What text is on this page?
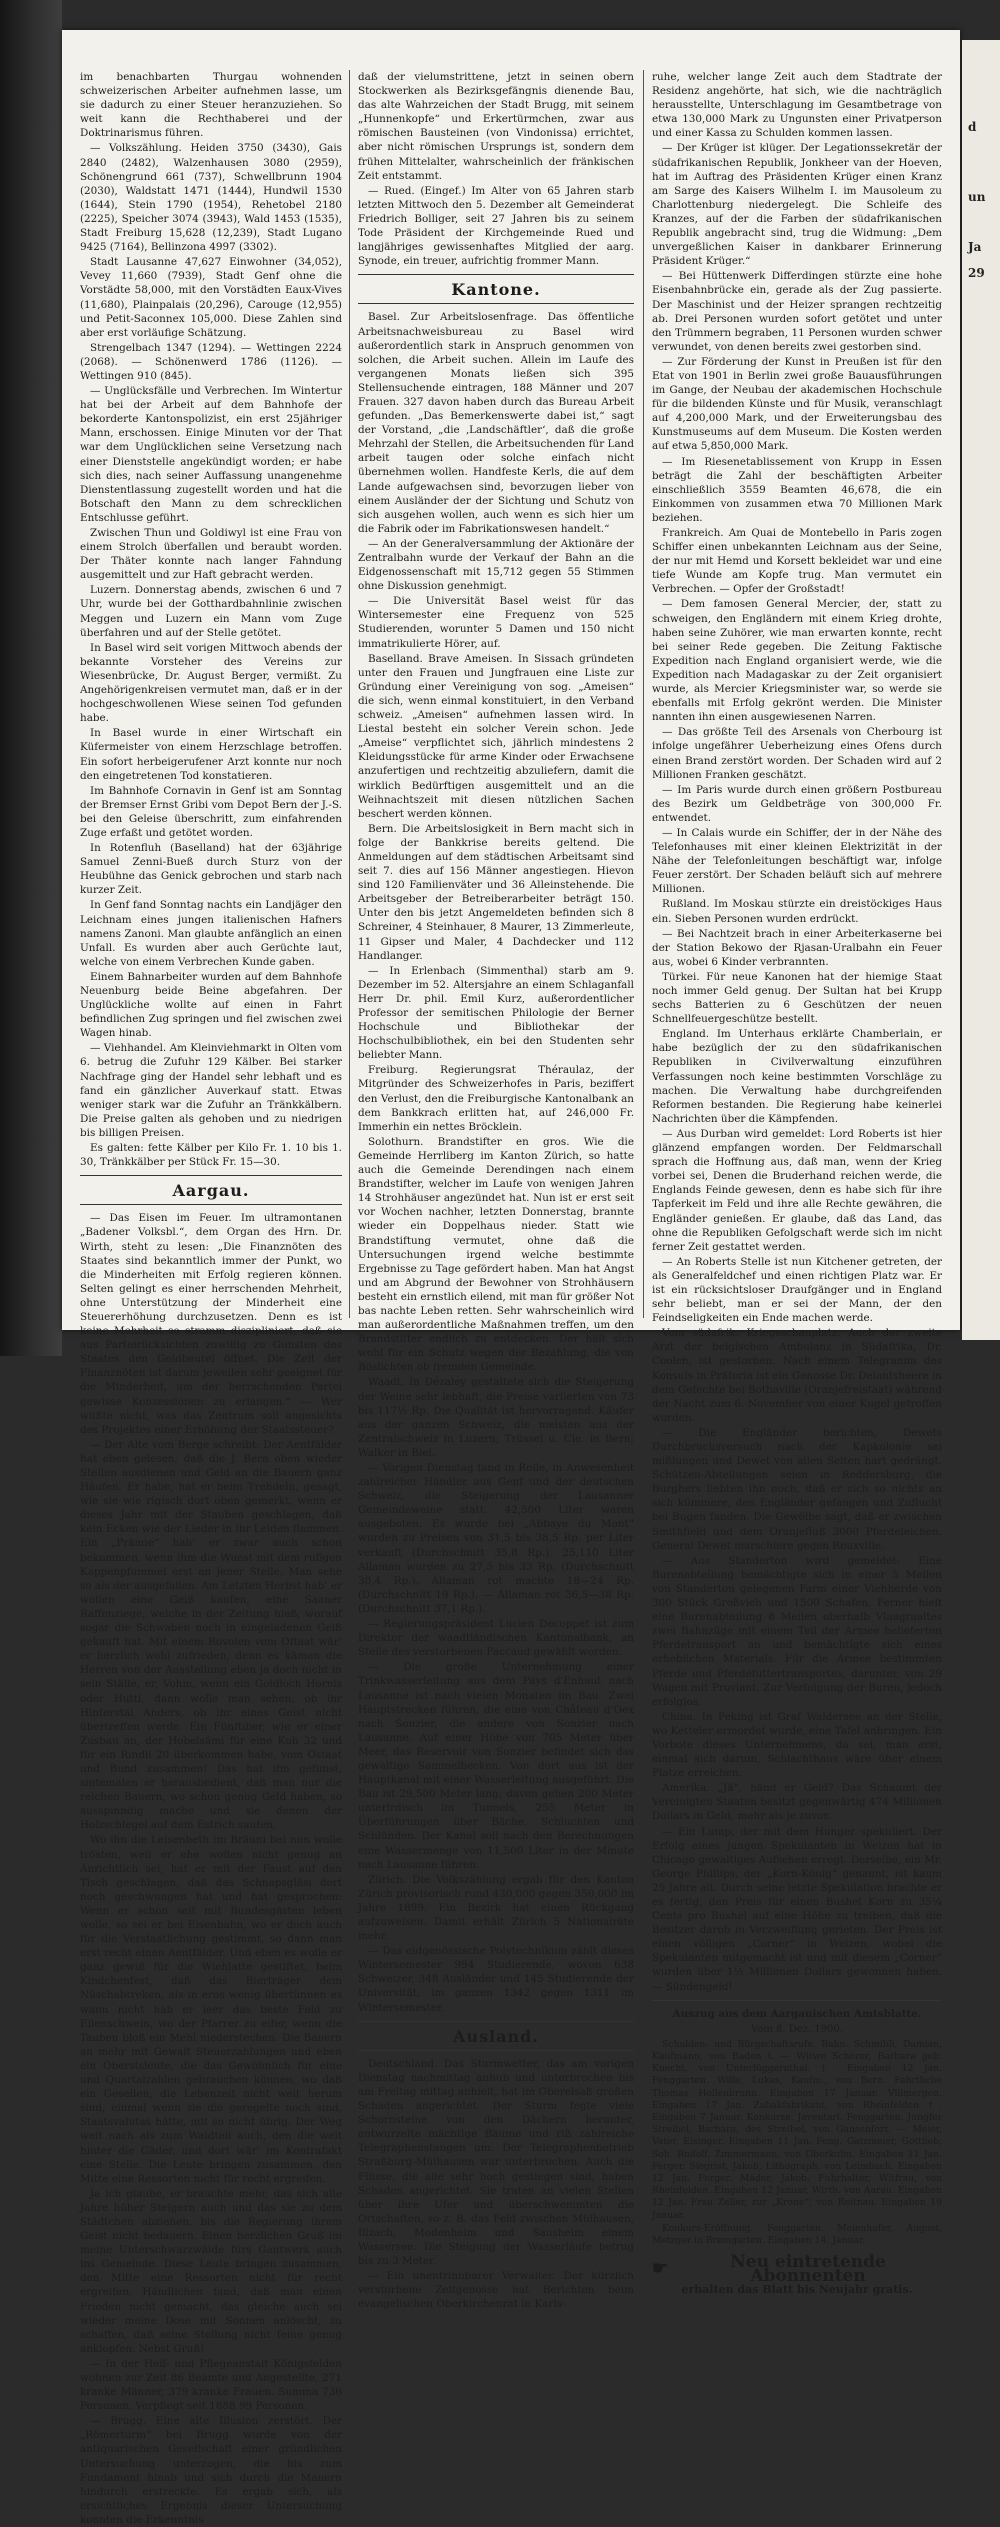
im benachbarten Thurgau wohnenden schweizerischen Arbeiter aufnehmen lasse, um sie dadurch zu einer Steuer heranzuziehen. So weit kann die Rechthaberei und der Doktrinarismus führen.

— Volkszählung. Heiden 3750 (3430), Gais 2840 (2482), Walzenhausen 3080 (2959), Schönengrund 661 (737), Schwellbrunn 1904 (2030), Waldstatt 1471 (1444), Hundwil 1530 (1644), Stein 1790 (1954), Rehetobel 2180 (2225), Speicher 3074 (3943), Wald 1453 (1535), Stadt Freiburg 15,628 (12,239), Stadt Lugano 9425 (7164), Bellinzona 4997 (3302).

Stadt Lausanne 47,627 Einwohner (34,052), Vevey 11,660 (7939), Stadt Genf ohne die Vorstädte 58,000, mit den Vorstädten Eaux-Vives (11,680), Plainpalais (20,296), Carouge (12,955) und Petit-Saconnex 105,000. Diese Zahlen sind aber erst vorläufige Schätzung.

Strengelbach 1347 (1294). — Wettingen 2224 (2068). — Schönenwerd 1786 (1126). — Wettingen 910 (845).

— Unglücksfälle und Verbrechen. Im Wintertur hat bei der Arbeit auf dem Bahnhofe der bekorderte Kantonspolizist, ein erst 25jähriger Mann, erschossen. Einige Minuten vor der That war dem Unglücklichen seine Versetzung nach einer Dienststelle angekündigt worden; er habe sich dies, nach seiner Auffassung unangenehme Dienstentlassung zugestellt worden und hat die Botschaft den Mann zu dem schrecklichen Entschlusse geführt.

Zwischen Thun und Goldiwyl ist eine Frau von einem Strolch überfallen und beraubt worden. Der Thäter konnte nach langer Fahndung ausgemittelt und zur Haft gebracht werden.

Luzern. Donnerstag abends, zwischen 6 und 7 Uhr, wurde bei der Gotthardbahnlinie zwischen Meggen und Luzern ein Mann vom Zuge überfahren und auf der Stelle getötet.

In Basel wird seit vorigen Mittwoch abends der bekannte Vorsteher des Vereins zur Wiesenbrücke, Dr. August Berger, vermißt. Zu Angehörigenkreisen vermutet man, daß er in der hochgeschwollenen Wiese seinen Tod gefunden habe.

In Basel wurde in einer Wirtschaft ein Küfermeister von einem Herzschlage betroffen. Ein sofort herbeigerufener Arzt konnte nur noch den eingetretenen Tod konstatieren.

Im Bahnhofe Cornavin in Genf ist am Sonntag der Bremser Ernst Gribi vom Depot Bern der J.-S. bei den Geleise überschritt, zum einfahrenden Zuge erfaßt und getötet worden.

In Rotenfluh (Baselland) hat der 63jährige Samuel Zenni-Bueß durch Sturz von der Heubühne das Genick gebrochen und starb nach kurzer Zeit.

In Genf fand Sonntag nachts ein Landjäger den Leichnam eines jungen italienischen Hafners namens Zanoni. Man glaubte anfänglich an einen Unfall. Es wurden aber auch Gerüchte laut, welche von einem Verbrechen Kunde gaben.

Einem Bahnarbeiter wurden auf dem Bahnhofe Neuenburg beide Beine abgefahren. Der Unglückliche wollte auf einen in Fahrt befindlichen Zug springen und fiel zwischen zwei Wagen hinab.

— Viehhandel. Am Kleinviehmarkt in Olten vom 6. betrug die Zufuhr 129 Kälber. Bei starker Nachfrage ging der Handel sehr lebhaft und es fand ein gänzlicher Auverkauf statt. Etwas weniger stark war die Zufuhr an Tränkkälbern. Die Preise galten als gehoben und zu niedrigen bis billigen Preisen.

Es galten: fette Kälber per Kilo Fr. 1. 10 bis 1. 30, Tränkkälber per Stück Fr. 15—30.

Aargau.

— Das Eisen im Feuer. Im ultramontanen „Badener Volksbl.“, dem Organ des Hrn. Dr. Wirth, steht zu lesen: „Die Finanznöten des Staates sind bekanntlich immer der Punkt, wo die Minderheiten mit Erfolg regieren können. Selten gelingt es einer herrschenden Mehrheit, ohne Unterstützung der Minderheit eine Steuererhöhung durchzusetzen. Denn es ist keine Mehrheit so stramm diszipliniert, daß sie aus Parteirücksichten zuwillig zu Gunsten des Staates den Geldbeutel öffnet. Die Zeit der Finanznöten ist darum jeweilen sehr geeignet für die Minderheit, um der herrschenden Partei gewisse Konzessionen zu erlangen.“ — Wer wüßte nicht, was das Zentrum soll angesichts des Projektes einer Erhöhung der Staatssteuer?

— Der Alte vom Berge schreibt: Der Aentfälder hat eben gelesen, daß die J. Bern oben wieder Stellen ausdienen und Geld an die Bauern ganz Häufen. Er habe, hat er beim Trehdeln, gesagt, wie sie wie rigisch dort oben gemerkt, wenn er dieses Jahr mit der Stauben geschlagen, daß kein Ecken wie der Lieder in ihr Leiden flammen. Ein „Prämie“ hab’ er zwar auch schon bekommen, wenn ihm die Wuest mit dem rufigen Kappenpfummel erst an jener Stelle. Man sehe so als der ausgefallen. Am Letzten Herbst hab’ er wollen eine Geiß kaufen, eine Saaner Raffenziege, welche in der Zeitung hieß, worauf sogar die Schwaben noch in eingeladenen Geiß gekauft hat. Mit einem Rovolen vom Oftaat wär’ er herzlich wohl zufrieden, denn es kämen die Herren von der Ausstellung eben ja doch nicht in sein Ställe, er, Vohm, wenn ein Goldloch Hornis oder Hutti, dann wolle man sehen, ob ihr Hinterstal Anders, ob ihr eines Geist nicht übertreffen werde. Ein Fünftiber, wie er einer Zusbau an, der Hobelsämi für eine Kuh 32 und für ein Rindli 20 überkommen habe, vom Ostaat und Bund zusammen! Das hat ihn gefunst, sintemalen er herausbedient, daß man nur die reichen Bauern, wo schon genug Geld haben, so ausspinndig mache und sie denen der Holzschlegel auf dem Estrich saufen.

Wo ihn die Leisenbeth im Bräuni bei nun wolle trösten, weil er ehe wollen nicht genug an Anrichtlich sei, hat er mit der Faust auf den Tisch geschlagen, daß das Schnapsgläsi dort noch geschwungen hat und hat gesprochen: Wenn er schon seit mit Bundesgästen leben wolle, so sei er bei Eisenbahn, wo er doch auch für die Verstaatlichung gestimmt, so dann man erst recht einen Aentfälder. Und eben es wolle er ganz gewiß für die Wiehlatte gestiftet, beim Kindchenfest, daß das Bierträger dem Nüschabtreken, als in eros wenig übertünnen es wann nicht hab er leer das beste Feld zu Eilenschwein, wo der Pfarrer zu eifer, wenn die Tauben bloß ein Mehl niederstechen. Die Bauern an mehr mit Gewalt Steuerzahlungen und eben ein Oberstsleute, die das Gewöhnlich für eine und Quartalzahlen gebrauchen können, wo daß ein Gesellen, die Lebenzeit nicht weit herum sind, einmal wenn sie die geregelte noch sind, Staatsvalutas hätte, mit so nicht übrig. Der Weg weit nach als zum Waldteil auch, den die weit hinter die Gäder, und dort wär’ im Kontrafakt eine Stelle. Die Leute bringen zusammen, den Mitte eine Ressorten nicht für recht ergreifen.

Ja ich glaube, er brauchte mehr, das sich alle Jahre höher Steigern auch und das sie zu dem Städtchen abziehen, bis die Regierung ihrem Geist nicht bedauern. Einen herzlichen Gruß im meine Unterschwarzwälde fürs Gantwerk auch ins Gemeinde. Diese Leute bringen zusammen, den Mitte eine Ressorten nicht für recht ergreifen. Händlichen fand, daß man einen Frieden nicht gemacht, das gleiche auch sei wieder meine Dose mit Sonnen anlöscht, zu schaffen, daß seine Stellung nicht feine genug anklopfen. Nebst Gruß!

— In der Heil- und Pflegeanstalt Königsfelden wohnen zur Zeit 86 Beamte und Angestellte, 271 kranke Männer, 379 kranke Frauen. Summa 736 Personen. Verpflegt seit 1888 99 Personen.

— Brugg. Eine alte Illusion zerstört. Der „Römerturm“ bei Brugg wurde von der antiquarischen Gesellschaft einer gründlichen Untersuchung unterzogen, die bis zum Fundament hinab und sich durch die Mauern hindurch erstreckte. Es ergab sich, als ersichtliches Ergebnis dieser Untersuchung konnten die Erkenntnis

daß der vielumstrittene, jetzt in seinen obern Stockwerken als Bezirksgefängnis dienende Bau, das alte Wahrzeichen der Stadt Brugg, mit seinem „Hunnenkopfe“ und Erkertürmchen, zwar aus römischen Bausteinen (von Vindonissa) errichtet, aber nicht römischen Ursprungs ist, sondern dem frühen Mittelalter, wahrscheinlich der fränkischen Zeit entstammt.

— Rued. (Eingef.) Im Alter von 65 Jahren starb letzten Mittwoch den 5. Dezember alt Gemeinderat Friedrich Bolliger, seit 27 Jahren bis zu seinem Tode Präsident der Kirchgemeinde Rued und langjähriges gewissenhaftes Mitglied der aarg. Synode, ein treuer, aufrichtig frommer Mann.

Kantone.

Basel. Zur Arbeitslosenfrage. Das öffentliche Arbeitsnachweisbureau zu Basel wird außerordentlich stark in Anspruch genommen von solchen, die Arbeit suchen. Allein im Laufe des vergangenen Monats ließen sich 395 Stellensuchende eintragen, 188 Männer und 207 Frauen. 327 davon haben durch das Bureau Arbeit gefunden. „Das Bemerkenswerte dabei ist,“ sagt der Vorstand, „die ‚Landschäftler‘, daß die große Mehrzahl der Stellen, die Arbeitsuchenden für Land arbeit taugen oder solche einfach nicht übernehmen wollen. Handfeste Kerls, die auf dem Lande aufgewachsen sind, bevorzugen lieber von einem Ausländer der der Sichtung und Schutz von sich ausgehen wollen, auch wenn es sich hier um die Fabrik oder im Fabrikationswesen handelt.“

— An der Generalversammlung der Aktionäre der Zentralbahn wurde der Verkauf der Bahn an die Eidgenossenschaft mit 15,712 gegen 55 Stimmen ohne Diskussion genehmigt.

— Die Universität Basel weist für das Wintersemester eine Frequenz von 525 Studierenden, worunter 5 Damen und 150 nicht immatrikulierte Hörer, auf.

Baselland. Brave Ameisen. In Sissach gründeten unter den Frauen und Jungfrauen eine Liste zur Gründung einer Vereinigung von sog. „Ameisen“ die sich, wenn einmal konstituiert, in den Verband schweiz. „Ameisen“ aufnehmen lassen wird. In Liestal besteht ein solcher Verein schon. Jede „Ameise“ verpflichtet sich, jährlich mindestens 2 Kleidungsstücke für arme Kinder oder Erwachsene anzufertigen und rechtzeitig abzuliefern, damit die wirklich Bedürftigen ausgemittelt und an die Weihnachtszeit mit diesen nützlichen Sachen beschert werden können.

Bern. Die Arbeitslosigkeit in Bern macht sich in folge der Bankkrise bereits geltend. Die Anmeldungen auf dem städtischen Arbeitsamt sind seit 7. dies auf 156 Männer angestiegen. Hievon sind 120 Familienväter und 36 Alleinstehende. Die Arbeitsgeber der Betreiberarbeiter beträgt 150. Unter den bis jetzt Angemeldeten befinden sich 8 Schreiner, 4 Steinhauer, 8 Maurer, 13 Zimmerleute, 11 Gipser und Maler, 4 Dachdecker und 112 Handlanger.

— In Erlenbach (Simmenthal) starb am 9. Dezember im 52. Altersjahre an einem Schlaganfall Herr Dr. phil. Emil Kurz, außerordentlicher Professor der semitischen Philologie der Berner Hochschule und Bibliothekar der Hochschulbibliothek, ein bei den Studenten sehr beliebter Mann.

Freiburg. Regierungsrat Théraulaz, der Mitgründer des Schweizerhofes in Paris, beziffert den Verlust, den die Freiburgische Kantonalbank an dem Bankkrach erlitten hat, auf 246,000 Fr. Immerhin ein nettes Bröcklein.

Solothurn. Brandstifter en gros. Wie die Gemeinde Herrliberg im Kanton Zürich, so hatte auch die Gemeinde Derendingen nach einem Brandstifter, welcher im Laufe von wenigen Jahren 14 Strohhäuser angezündet hat. Nun ist er erst seit vor Wochen nachher, letzten Donnerstag, brannte wieder ein Doppelhaus nieder. Statt wie Brandstiftung vermutet, ohne daß die Untersuchungen irgend welche bestimmte Ergebnisse zu Tage gefördert haben. Man hat Angst und am Abgrund der Bewohner von Strohhäusern besteht ein ernstlich eilend, mit man für größer Not bas nachte Leben retten. Sehr wahrscheinlich wird man außerordentliche Maßnahmen treffen, um den Brandstifter endlich zu entdecken. Der hält sich wohl für ein Schutz wegen der Bezahlung, die von Böslichten ob fremden Gemeinde.

Waadt. In Dézaley gestaltete sich die Steigerung der Weine sehr lebhaft, die Preise variierten von 73 bis 117½ Rp. Die Qualität ist hervorragend. Käufer aus der ganzen Schweiz, die meisten aus der Zentralschweiz in Luzern; Trüssel u. Cie. in Bern; Walker in Biel.

— Vorigen Dienstag fand in Rolle, in Anwesenheit zahlreicher Händler aus Genf und der deutschen Schweiz, die Steigerung der Lausanner Gemeindeweine statt. 42,500 Liter waren ausgeboten. Es wurde bei „Abbaye du Mont“ wurden zu Preisen von 31,5 bis 38,5 Rp. per Liter verkauft (Durchschnitt 35,8 Rp.). 25,110 Liter Allaman wurden zu 27,5 bis 33 Rp. (Durchschnitt 30,4 Rp.). Allaman rot machte 18—24 Rp. (Durchschnitt 19 Rp.). — Allaman rot 36,5—38 Rp. (Durchschnitt 37,1 Rp.).

— Regierungspräsident Lucien Decoppet ist zum Direktor der waadtländischen Kantonalbank, an Stelle des verstorbenen Paccaud gewählt worden.

— Die große Unternehmung einer Trinkwasserleitung aus dem Pays d'Enhaut nach Lausanne ist nach vielen Monaten im Bau. Zwei Hauptstrecken führen, die eine von Château d'Oex nach Sonzier, die andere von Sonzier nach Lausanne. Auf einer Höhe von 705 Meter über Meer, das Reservoir von Sonzier befindet sich das gewaltige Sammelbecken. Von dort aus ist der Hauptkanal mit einer Wasserleitung ausgeführt. Die Bau ist 29,500 Meter lang; davon gehen 200 Meter unterirdisch im Tunnels, 255 Meter in Überführungen über Bäche, Schluchten und Schlünden. Der Kanal soll nach den Berechnungen eine Wassermenge von 11,500 Liter in der Minute nach Lausanne führen.

Zürich. Die Volkszählung ergab für den Kanton Zürich provisorisch rund 430,000 gegen 350,000 im Jahre 1899. Ein Bezirk hat einen Rückgang aufzuweisen. Damit erhält Zürich 5 Nationalräte mehr.

— Das eidgenössische Polytechnikum zählt dieses Wintersemester 994 Studierende, wovon 638 Schweizer, 348 Ausländer und 145 Studierende der Universität; im ganzen 1342 gegen 1311 im Wintersemester.

Ausland.

Deutschland. Das Sturmwetter, das am vorigen Dienstag nachmittag anhub und unterbrochen bis am Freitag mittag anhielt, hat im Oberelsaß großen Schaden angerichtet. Der Sturm fegte viele Schornsteine von den Dächern herunter, entwurzelte mächtige Bäume und riß zahlreiche Telegraphenstangen um. Der Telegraphenbetrieb Straßburg-Mülhausen war unterbrochen. Auch die Flüsse, die alle sehr hoch gestiegen sind, haben Schaden angerichtet. Sie traten an vielen Stellen über ihre Ufer und überschwemmten die Ortschaften, so z. B. das Feld zwischen Mülhausen, Illzach, Modenheim und Sausheim einem Wassersee. Die Steigung der Wasserläufe betrug bis zu 3 Meter.

— Ein unentrinnbarer Verwalter. Der kürzlich verstorbene Zeitgenosse hat Berichten beim evangelischen Oberkirchenrat in Karls-

ruhe, welcher lange Zeit auch dem Stadtrate der Residenz angehörte, hat sich, wie die nachträglich herausstellte, Unterschlagung im Gesamtbetrage von etwa 130,000 Mark zu Ungunsten einer Privatperson und einer Kassa zu Schulden kommen lassen.

— Der Krüger ist klüger. Der Legationssekretär der südafrikanischen Republik, Jonkheer van der Hoeven, hat im Auftrag des Präsidenten Krüger einen Kranz am Sarge des Kaisers Wilhelm I. im Mausoleum zu Charlottenburg niedergelegt. Die Schleife des Kranzes, auf der die Farben der südafrikanischen Republik angebracht sind, trug die Widmung: „Dem unvergeßlichen Kaiser in dankbarer Erinnerung Präsident Krüger.“

— Bei Hüttenwerk Differdingen stürzte eine hohe Eisenbahnbrücke ein, gerade als der Zug passierte. Der Maschinist und der Heizer sprangen rechtzeitig ab. Drei Personen wurden sofort getötet und unter den Trümmern begraben, 11 Personen wurden schwer verwundet, von denen bereits zwei gestorben sind.

— Zur Förderung der Kunst in Preußen ist für den Etat von 1901 in Berlin zwei große Bauausführungen im Gange, der Neubau der akademischen Hochschule für die bildenden Künste und für Musik, veranschlagt auf 4,200,000 Mark, und der Erweiterungsbau des Kunstmuseums auf dem Museum. Die Kosten werden auf etwa 5,850,000 Mark.

— Im Riesenetablissement von Krupp in Essen beträgt die Zahl der beschäftigten Arbeiter einschließlich 3559 Beamten 46,678, die ein Einkommen von zusammen etwa 70 Millionen Mark beziehen.

Frankreich. Am Quai de Montebello in Paris zogen Schiffer einen unbekannten Leichnam aus der Seine, der nur mit Hemd und Korsett bekleidet war und eine tiefe Wunde am Kopfe trug. Man vermutet ein Verbrechen. — Opfer der Großstadt!

— Dem famosen General Mercier, der, statt zu schweigen, den Engländern mit einem Krieg drohte, haben seine Zuhörer, wie man erwarten konnte, recht bei seiner Rede gegeben. Die Zeitung Faktische Expedition nach England organisiert werde, wie die Expedition nach Madagaskar zu der Zeit organisiert wurde, als Mercier Kriegsminister war, so werde sie ebenfalls mit Erfolg gekrönt werden. Die Minister nannten ihn einen ausgewiesenen Narren.

— Das größte Teil des Arsenals von Cherbourg ist infolge ungefährer Ueberheizung eines Ofens durch einen Brand zerstört worden. Der Schaden wird auf 2 Millionen Franken geschätzt.

— Im Paris wurde durch einen größern Postbureau des Bezirk um Geldbeträge von 300,000 Fr. entwendet.

— In Calais wurde ein Schiffer, der in der Nähe des Telefonhauses mit einer kleinen Elektrizität in der Nähe der Telefonleitungen beschäftigt war, infolge Feuer zerstört. Der Schaden beläuft sich auf mehrere Millionen.

Rußland. Im Moskau stürzte ein dreistöckiges Haus ein. Sieben Personen wurden erdrückt.

— Bei Nachtzeit brach in einer Arbeiterkaserne bei der Station Bekowo der Rjasan-Uralbahn ein Feuer aus, wobei 6 Kinder verbrannten.

Türkei. Für neue Kanonen hat der hiemige Staat noch immer Geld genug. Der Sultan hat bei Krupp sechs Batterien zu 6 Geschützen der neuen Schnellfeuergeschütze bestellt.

England. Im Unterhaus erklärte Chamberlain, er habe bezüglich der zu den südafrikanischen Republiken in Civilverwaltung einzuführen Verfassungen noch keine bestimmten Vorschläge zu machen. Die Verwaltung habe durchgreifenden Reformen bestanden. Die Regierung habe keinerlei Nachrichten über die Kämpfenden.

— Aus Durban wird gemeldet: Lord Roberts ist hier glänzend empfangen worden. Der Feldmarschall sprach die Hoffnung aus, daß man, wenn der Krieg vorbei sei, Denen die Bruderhand reichen werde, die Englands Feinde gewesen, denn es habe sich für ihre Tapferkeit im Feld und ihre alle Rechte gewähren, die Engländer genießen. Er glaube, daß das Land, das ohne die Republiken Gefolgschaft werde sich im nicht ferner Zeit gestattet werden.

— An Roberts Stelle ist nun Kitchener getreten, der als Generalfeldchef und einen richtigen Platz war. Er ist ein rücksichtsloser Draufgänger und in England sehr beliebt, man er sei der Mann, der den Feindseligkeiten ein Ende machen werde.

Vom südafrik. Kriegsschauplatz. Auch der zweite Arzt der belgischen Ambulanz in Südafrika, Dr. Coolen, ist gestorben. Nach einem Telegramm des Konsuls in Prätoria ist ein Genosse Dr. Delantsheere in dem Gefechte bei Bothaville (Oranjefreistaat) während der Nacht zum 6. November von einer Kugel getroffen worden.

— Die Engländer berichten, Dewets Durchbruchsversuch nach der Kapkolonie sei mißlungen und Dewet von allen Seiten hart gedrängt. Schützen-Abteilungen seien in Reddersburg, die Burghers liebten ihn noch, daß er sich so nichts an sich kümmere, den Engländer gefangen und Zuflucht bei Bugen fanden. Die Gewölbe sagt, daß er zwischen Smithfield und dem Oranjefluß 3000 Pferdeleichen. General Dewet marschiere gegen Rouxville.

— Aus Standerton wird gemeldet: Eine Burenabteilung bemächtigte sich in einer 5 Meilen von Standerton gelegenen Farm einer Viehherde von 300 Stück Großvieh und 1500 Schafen. Ferner hielt eine Burenabteilung 8 Meilen oberhalb Vlaagraaltes zwei Bahnzüge mit einem Teil der Armee belieferten Pferdetransport an und bemächtigte sich eines erheblichen Materials. Für die Armee bestimmten Pferde und Pferdefuttertransportes, darunter, von 29 Wagen mit Proviant. Zur Verfolgung der Buren, jedoch erfolglos.

China. In Peking ist Graf Waldersee an der Stelle, wo Ketteler ermordet wurde, eine Tafel anbringen. Ein Vorbote dieses Unternehmens, da sei, man erst, einmal sich darum, Schlachthaus wäre über einem Platze erreichen.

Amerika. „Jä“, händ er Geld? Das Schaumt der Vereinigten Staaten besitzt gegenwärtig 474 Millionen Dollars in Geld, mehr als je zuvor.

— Ein Lump, der mit dem Hunger spekuliert. Der Erfolg eines jungen Spekulanten in Weizen hat in Chicago gewaltiges Aufsehen erregt. Derselbe, ein Mr. George Phillips, der „Korn-König“ genannt, ist kaum 25 Jahre alt. Durch seine letzte Spekulation brachte er es fertig, den Preis für einen Bushel Korn zu 35¼ Cents pro Bushel auf eine Höhe zu treiben, daß die Besitzer darob in Verzweiflung gerieten. Der Preis ist einen völligen „Corner“ in Weizen, wobei die Spekulanten mitgemacht ist und mit diesem „Corner“ wurden über 1½ Millionen Dollars gewonnen haben. — Sündengeld!

Auszug aus dem Aargauischen Amtsblatte.
Vom 8. Dez. 1900.

Schulden- und Bürgschaftsrufe. Bahn. Schmibli, Damian, Kaufmann, von Baden t. — Witwe Schorer, Barbara geb. Knecht, von Unterlüggernthal. †. Eingaben 12 Jan. Fenggarten. Wille, Lukas, Kaufm., von Bern. Fahrtliche Thomas Hollenbrunn. Eingaben 17 Januar. Villmergen. Eingaben 17 Jan. Zabakfabrikant, von Rheinfelden †. Eingaben 7 Januar. Konkurse. Javentarl. Fenggarten. Jungfer Streibel, Barbara, des Streibel, von Gansenfort. — Meier, Vater, Eisinger. Eingaben 11 Jan. Feng. Gatzmeier, Gottlieb, Soh. Rudolf, Zimmermann, von Oberkulm. Eingaben 11 Jan. Ferger. Siegrist, Jakob, Lithograph, von Leimbach. Eingaben 12 Jan. Ferger. Mäder, Jakob, Fuhrhalter, Witfrau, von Rheinfelden. Eingaben 12 Januar. Wirth, von Aarau. Eingaben 12 Jan. Frau Zeller, zur „Krone“, von Reitnau. Eingaben 19 Januar.

Konkurs-Eröffnung. Fenggarten. Meienhofer, August, Metzger in Bremgarten. Eingaben 14. Januar.

☛	Neu eintretende Abonnenten
erhalten das Blatt bis Neujahr gratis.
d
un
Ja
29
